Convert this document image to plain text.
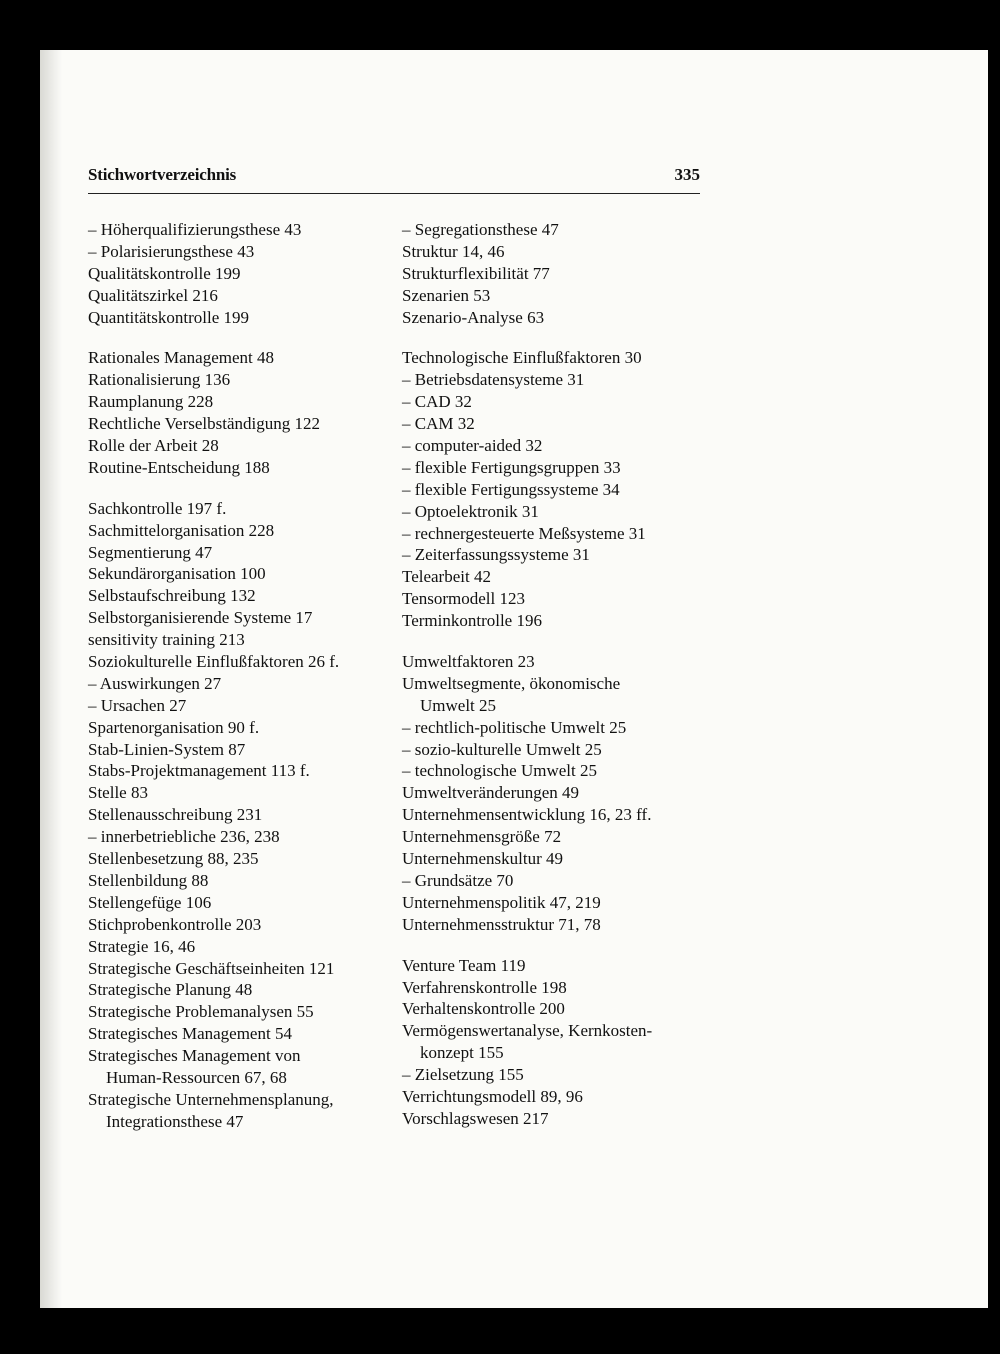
Stichwortverzeichnis	335
– Höherqualifizierungsthese 43
– Polarisierungsthese 43
Qualitätskontrolle 199
Qualitätszirkel 216
Quantitätskontrolle 199
Rationales Management 48
Rationalisierung 136
Raumplanung 228
Rechtliche Verselbständigung 122
Rolle der Arbeit 28
Routine-Entscheidung 188
Sachkontrolle 197 f.
Sachmittelorganisation 228
Segmentierung 47
Sekundärorganisation 100
Selbstaufschreibung 132
Selbstorganisierende Systeme 17
sensitivity training 213
Soziokulturelle Einflußfaktoren 26 f.
– Auswirkungen 27
– Ursachen 27
Spartenorganisation 90 f.
Stab-Linien-System 87
Stabs-Projektmanagement 113 f.
Stelle 83
Stellenausschreibung 231
– innerbetriebliche 236, 238
Stellenbesetzung 88, 235
Stellenbildung 88
Stellengefüge 106
Stichprobenkontrolle 203
Strategie 16, 46
Strategische Geschäftseinheiten 121
Strategische Planung 48
Strategische Problemanalysen 55
Strategisches Management 54
Strategisches Management von
Human-Ressourcen 67, 68
Strategische Unternehmensplanung,
Integrationsthese 47
– Segregationsthese 47
Struktur 14, 46
Strukturflexibilität 77
Szenarien 53
Szenario-Analyse 63
Technologische Einflußfaktoren 30
– Betriebsdatensysteme 31
– CAD 32
– CAM 32
– computer-aided 32
– flexible Fertigungsgruppen 33
– flexible Fertigungssysteme 34
– Optoelektronik 31
– rechnergesteuerte Meßsysteme 31
– Zeiterfassungssysteme 31
Telearbeit 42
Tensormodell 123
Terminkontrolle 196
Umweltfaktoren 23
Umweltsegmente, ökonomische
Umwelt 25
– rechtlich-politische Umwelt 25
– sozio-kulturelle Umwelt 25
– technologische Umwelt 25
Umweltveränderungen 49
Unternehmensentwicklung 16, 23 ff.
Unternehmensgröße 72
Unternehmenskultur 49
– Grundsätze 70
Unternehmenspolitik 47, 219
Unternehmensstruktur 71, 78
Venture Team 119
Verfahrenskontrolle 198
Verhaltenskontrolle 200
Vermögenswertanalyse, Kernkosten-
konzept 155
– Zielsetzung 155
Verrichtungsmodell 89, 96
Vorschlagswesen 217
